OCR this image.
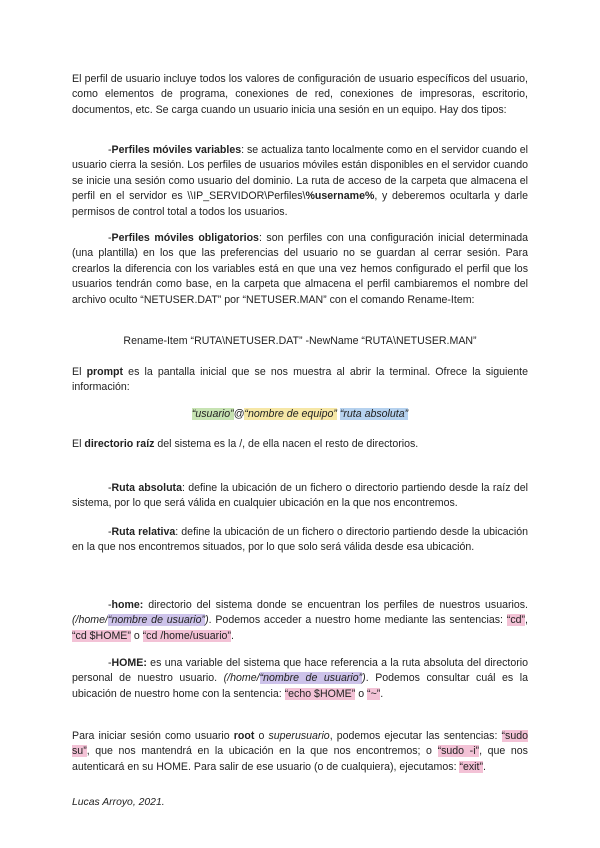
El perfil de usuario incluye todos los valores de configuración de usuario específicos del usuario, como elementos de programa, conexiones de red, conexiones de impresoras, escritorio, documentos, etc. Se carga cuando un usuario inicia una sesión en un equipo. Hay dos tipos:

-Perfiles móviles variables: se actualiza tanto localmente como en el servidor cuando el usuario cierra la sesión. Los perfiles de usuarios móviles están disponibles en el servidor cuando se inicie una sesión como usuario del dominio. La ruta de acceso de la carpeta que almacena el perfil en el servidor es \\IP_SERVIDOR\Perfiles\%username%, y deberemos ocultarla y darle permisos de control total a todos los usuarios.

-Perfiles móviles obligatorios: son perfiles con una configuración inicial determinada (una plantilla) en los que las preferencias del usuario no se guardan al cerrar sesión. Para crearlos la diferencia con los variables está en que una vez hemos configurado el perfil que los usuarios tendrán como base, en la carpeta que almacena el perfil cambiaremos el nombre del archivo oculto “NETUSER.DAT” por “NETUSER.MAN” con el comando Rename-Item:

Rename-Item “RUTA\NETUSER.DAT” -NewName “RUTA\NETUSER.MAN”

El prompt es la pantalla inicial que se nos muestra al abrir la terminal. Ofrece la siguiente información:

“usuario”@“nombre de equipo” “ruta absoluta”

El directorio raíz del sistema es la /, de ella nacen el resto de directorios.

-Ruta absoluta: define la ubicación de un fichero o directorio partiendo desde la raíz del sistema, por lo que será válida en cualquier ubicación en la que nos encontremos.

-Ruta relativa: define la ubicación de un fichero o directorio partiendo desde la ubicación en la que nos encontremos situados, por lo que solo será válida desde esa ubicación.

-home: directorio del sistema donde se encuentran los perfiles de nuestros usuarios. (/home/“nombre de usuario”). Podemos acceder a nuestro home mediante las sentencias: “cd”, “cd $HOME” o “cd /home/usuario”.

-HOME: es una variable del sistema que hace referencia a la ruta absoluta del directorio personal de nuestro usuario. (/home/“nombre de usuario”). Podemos consultar cuál es la ubicación de nuestro home con la sentencia: “echo $HOME” o “~”.

Para iniciar sesión como usuario root o superusuario, podemos ejecutar las sentencias: “sudo su”, que nos mantendrá en la ubicación en la que nos encontremos; o “sudo -i”, que nos autenticará en su HOME. Para salir de ese usuario (o de cualquiera), ejecutamos: “exit”.

Lucas Arroyo, 2021.
